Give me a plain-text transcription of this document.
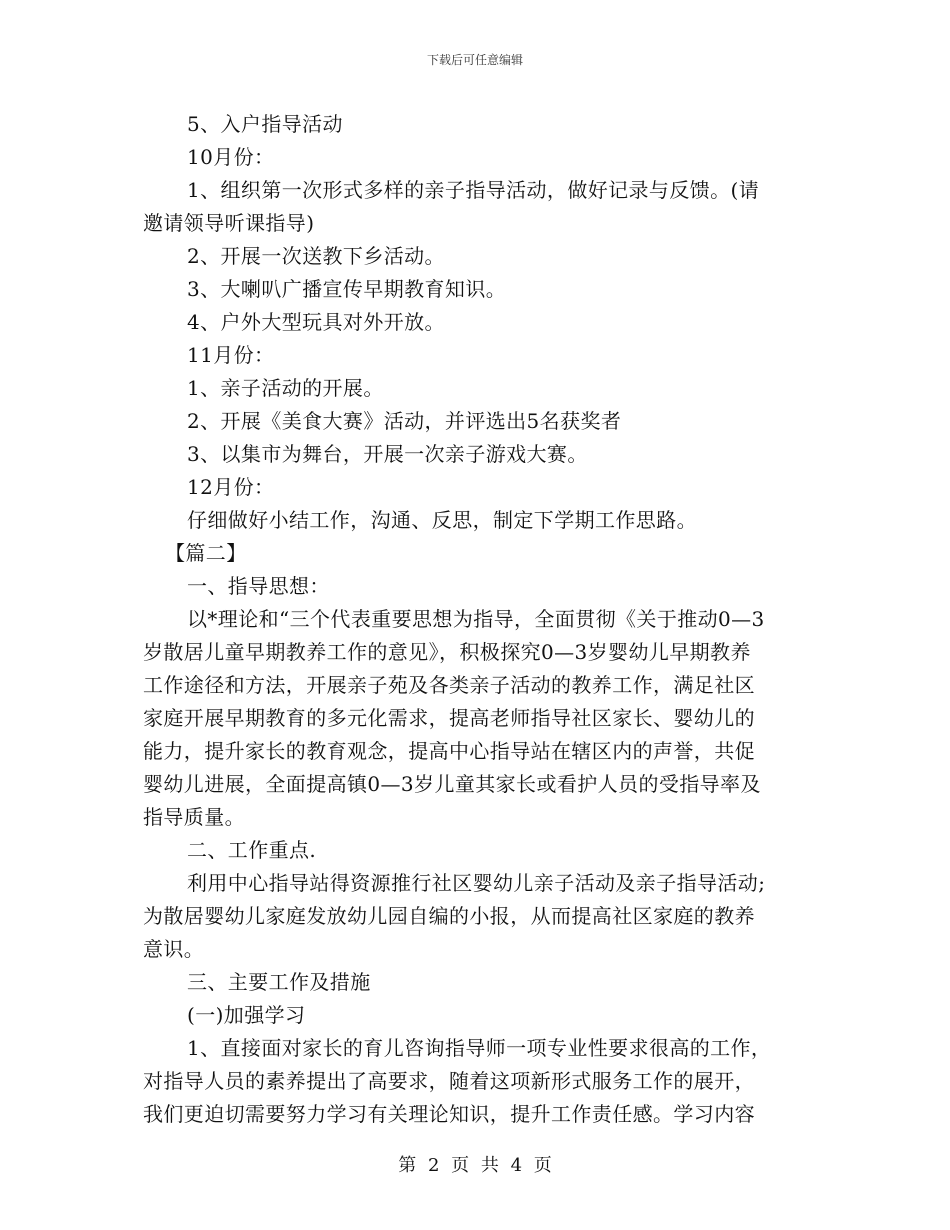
下载后可任意编辑
5、入户指导活动
10月份：
1、组织第一次形式多样的亲子指导活动，做好记录与反馈。(请
邀请领导听课指导)
2、开展一次送教下乡活动。
3、大喇叭广播宣传早期教育知识。
4、户外大型玩具对外开放。
11月份：
1、亲子活动的开展。
2、开展《美食大赛》活动，并评选出5名获奖者
3、以集市为舞台，开展一次亲子游戏大赛。
12月份：
仔细做好小结工作，沟通、反思，制定下学期工作思路。
【篇二】
一、指导思想：
以*理论和“三个代表重要思想为指导，全面贯彻《关于推动0—3
岁散居儿童早期教养工作的意见》，积极探究0—3岁婴幼儿早期教养
工作途径和方法，开展亲子苑及各类亲子活动的教养工作，满足社区
家庭开展早期教育的多元化需求，提高老师指导社区家长、婴幼儿的
能力，提升家长的教育观念，提高中心指导站在辖区内的声誉，共促
婴幼儿进展，全面提高镇0—3岁儿童其家长或看护人员的受指导率及
指导质量。
二、工作重点.
利用中心指导站得资源推行社区婴幼儿亲子活动及亲子指导活动;
为散居婴幼儿家庭发放幼儿园自编的小报，从而提高社区家庭的教养
意识。
三、主要工作及措施
(一)加强学习
1、直接面对家长的育儿咨询指导师一项专业性要求很高的工作，
对指导人员的素养提出了高要求，随着这项新形式服务工作的展开，
我们更迫切需要努力学习有关理论知识，提升工作责任感。学习内容
第 2 页 共 4 页
